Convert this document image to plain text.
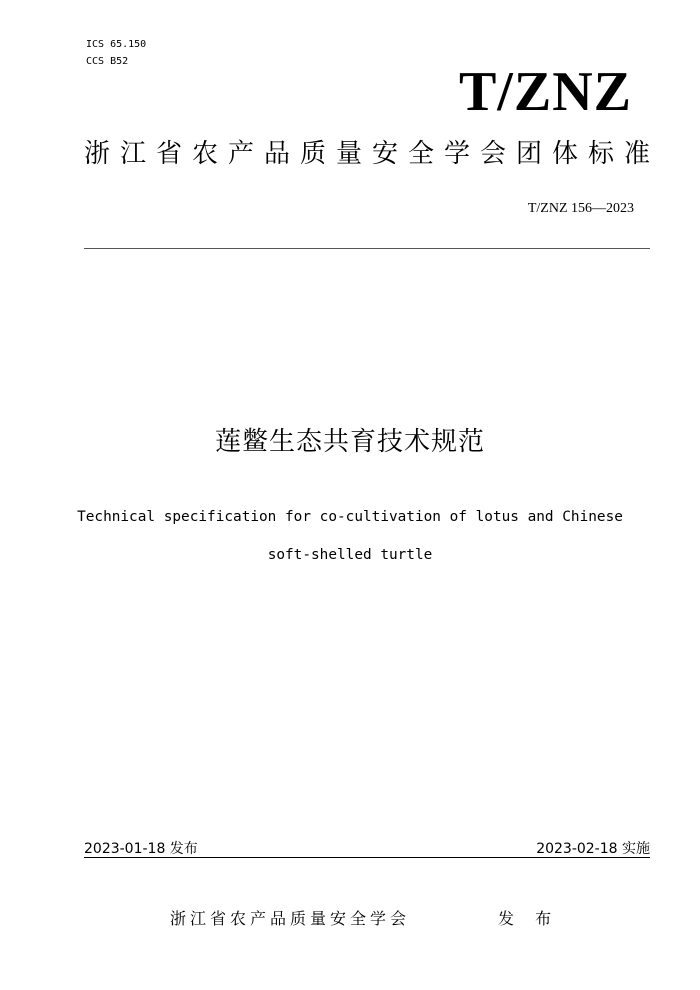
ICS 65.150
CCS B52	T/ZNZ
浙江省农产品质量安全学会团体标准
T/ZNZ 156—2023
莲鳖生态共育技术规范
Technical specification for co-cultivation of lotus and Chinese
soft-shelled turtle
2023-01-18 发布	2023-02-18 实施
浙江省农产品质量安全学会	发 布
